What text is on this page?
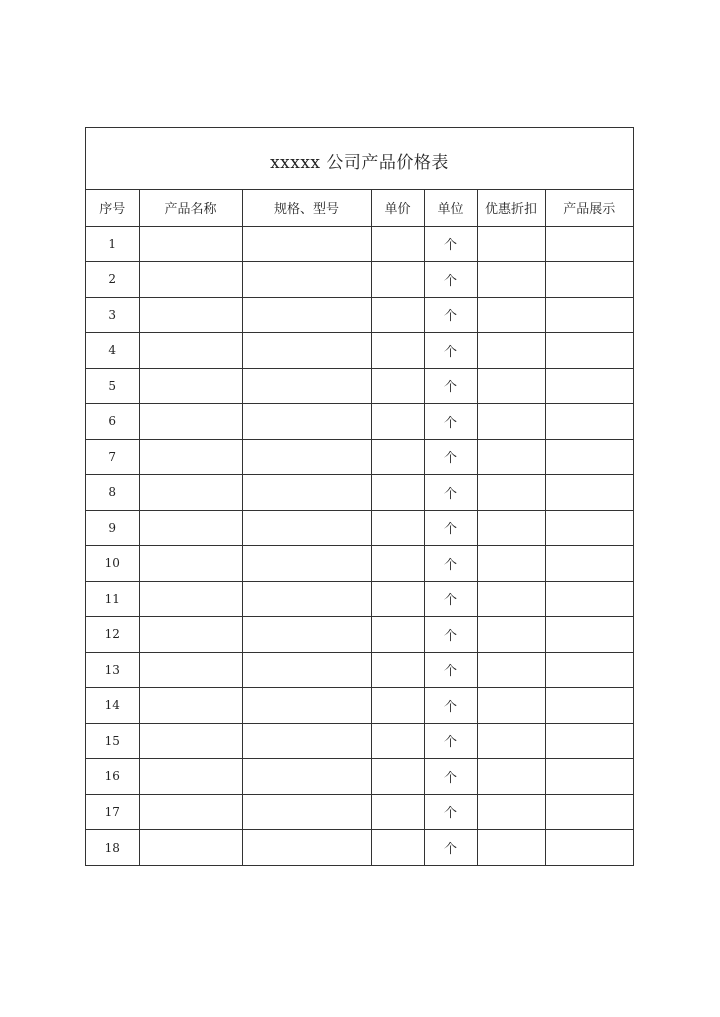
xxxxx 公司产品价格表
序号	产品名称	规格、型号	单价	单位	优惠折扣	产品展示
1				个		
2				个		
3				个		
4				个		
5				个		
6				个		
7				个		
8				个		
9				个		
10				个		
11				个		
12				个		
13				个		
14				个		
15				个		
16				个		
17				个		
18				个		
